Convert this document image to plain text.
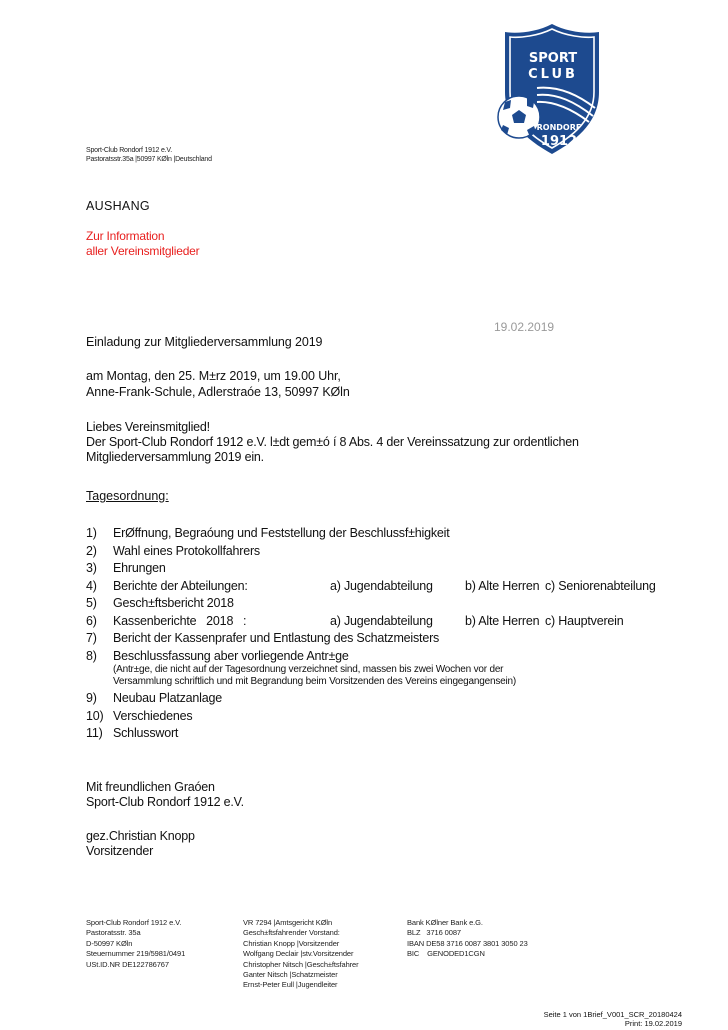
SPORT
CLUB
RONDORF
1912
Sport-Club Rondorf 1912 e.V.
Pastoratsstr.35a |50997 KØln |Deutschland
AUSHANG
Zur Information
aller Vereinsmitglieder
19.02.2019
Einladung zur Mitgliederversammlung 2019
am Montag, den 25. M±rz 2019, um 19.00 Uhr,
Anne-Frank-Schule, Adlerstraóe 13, 50997 KØln
Liebes Vereinsmitglied!
Der Sport-Club Rondorf 1912 e.V. l±dt gem±ó í 8 Abs. 4 der Vereinssatzung zur ordentlichen Mitgliederversammlung 2019 ein.
Tagesordnung:
1)	ErØffnung, Begraóung und Feststellung der Beschlussf±higkeit
2)	Wahl eines Protokollfahrers
3)	Ehrungen
4)	Berichte der Abteilungen:	a) Jugendabteilung	b) Alte Herren c) Seniorenabteilung
5)	Gesch±ftsbericht 2018
6)	Kassenberichte   2018   :	a) Jugendabteilung	b) Alte Herren c) Hauptverein
7)	Bericht der Kassenprafer und Entlastung des Schatzmeisters
8)	Beschlussfassung aber vorliegende Antr±ge
(Antr±ge, die nicht auf der Tagesordnung verzeichnet sind, massen bis zwei Wochen vor der
Versammlung schriftlich und mit Begrandung beim Vorsitzenden des Vereins eingegangensein)
9)	Neubau Platzanlage
10) Verschiedenes
11) Schlusswort
Mit freundlichen Graóen
Sport-Club Rondorf 1912 e.V.
gez.Christian Knopp
Vorsitzender
Sport-Club Rondorf 1912 e.V.
Pastoratsstr. 35a
D-50997 KØln
Steuernummer 219/5981/0491
USt.ID.NR DE122786767
VR 7294 |Amtsgericht KØln
Gesch±ftsfahrender Vorstand:
Christian Knopp |Vorsitzender
Wolfgang Declair |stv.Vorsitzender
Christopher Nitsch |Gesch±ftsfahrer
Ganter Nitsch |Schatzmeister
Ernst-Peter Eull |Jugendleiter
Bank KØlner Bank e.G.
BLZ   3716 0087
IBAN DE58 3716 0087 3801 3050 23
BIC    GENODED1CGN
Seite 1 von 1Brief_V001_SCR_20180424
Print: 19.02.2019
